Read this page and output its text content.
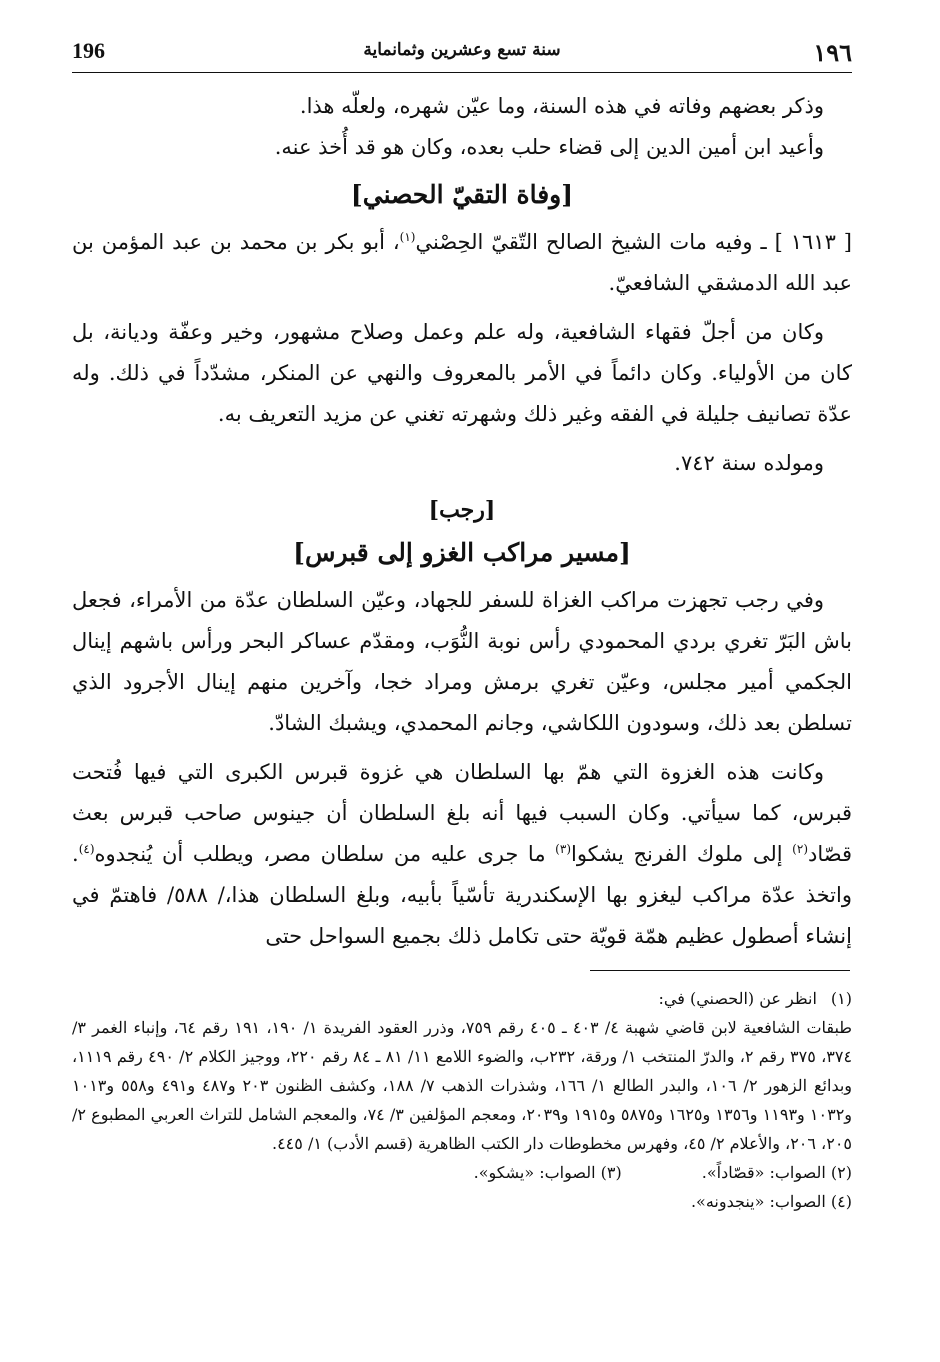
196	سنة تسع وعشرين وثمانماية	١٩٦

وذكر بعضهم وفاته في هذه السنة، وما عيّن شهره، ولعلّه هذا.

وأعيد ابن أمين الدين إلى قضاء حلب بعده، وكان هو قد أُخذ عنه.

[وفاة التقيّ الحصني]

[ ١٦١٣ ] ـ وفيه مات الشيخ الصالح التّقيّ الحِصْني$^{(١)}$، أبو بكر بن محمد بن عبد المؤمن بن عبد الله الدمشقي الشافعيّ.

وكان من أجلّ فقهاء الشافعية، وله علم وعمل وصلاح مشهور، وخير وعفّة وديانة، بل كان من الأولياء. وكان دائماً في الأمر بالمعروف والنهي عن المنكر، مشدّداً في ذلك. وله عدّة تصانيف جليلة في الفقه وغير ذلك وشهرته تغني عن مزيد التعريف به.

ومولده سنة ٧٤٢.

[رجب]
[مسير مراكب الغزو إلى قبرس]

وفي رجب تجهزت مراكب الغزاة للسفر للجهاد، وعيّن السلطان عدّة من الأمراء، فجعل باش البَرّ تغري بردي المحمودي رأس نوبة النُّوَب، ومقدّم عساكر البحر ورأس باشهم إينال الجكمي أمير مجلس، وعيّن تغري برمش ومراد خجا، وآخرين منهم إينال الأجرود الذي تسلطن بعد ذلك، وسودون اللكاشي، وجانم المحمدي، ويشبك الشادّ.

وكانت هذه الغزوة التي همّ بها السلطان هي غزوة قبرس الكبرى التي فيها فُتحت قبرس، كما سيأتي. وكان السبب فيها أنه بلغ السلطان أن جينوس صاحب قبرس بعث قصّاد$^{(٢)}$ إلى ملوك الفرنج يشكوا$^{(٣)}$ ما جرى عليه من سلطان مصر، ويطلب أن يُنجدوه$^{(٤)}$. واتخذ عدّة مراكب ليغزو بها الإسكندرية تأسّياً بأبيه، وبلغ السلطان هذا،/ ٥٨٨/ فاهتمّ في إنشاء أصطول عظيم همّة قويّة حتى تكامل ذلك بجميع السواحل حتى

(١) انظر عن (الحصني) في:

طبقات الشافعية لابن قاضي شهبة ٤/ ٤٠٣ ـ ٤٠٥ رقم ٧٥٩، وذرر العقود الفريدة ١/ ١٩٠، ١٩١ رقم ٦٤، وإنباء الغمر ٣/ ٣٧٤، ٣٧٥ رقم ٢، والدرّ المنتخب ١/ ورقة، ٢٣٢ب، والضوء اللامع ١١/ ٨١ ـ ٨٤ رقم ٢٢٠، ووجيز الكلام ٢/ ٤٩٠ رقم ١١١٩، وبدائع الزهور ٢/ ١٠٦، والبدر الطالع ١/ ١٦٦، وشذرات الذهب ٧/ ١٨٨، وكشف الظنون ٢٠٣ و٤٨٧ و٤٩١ و٥٥٨ و١٠١٣ و١٠٣٢ و١١٩٣ و١٣٥٦ و١٦٢٥ و٥٨٧٥ و١٩١٥ و٢٠٣٩، ومعجم المؤلفين ٣/ ٧٤، والمعجم الشامل للتراث العربي المطبوع ٢/ ٢٠٥، ٢٠٦، والأعلام ٢/ ٤٥، وفهرس مخطوطات دار الكتب الظاهرية (قسم الأدب) ١/ ٤٤٥.

(٢) الصواب: «قصّاداً».
(٣) الصواب: «يشكو».

(٤) الصواب: «ينجدونه».
